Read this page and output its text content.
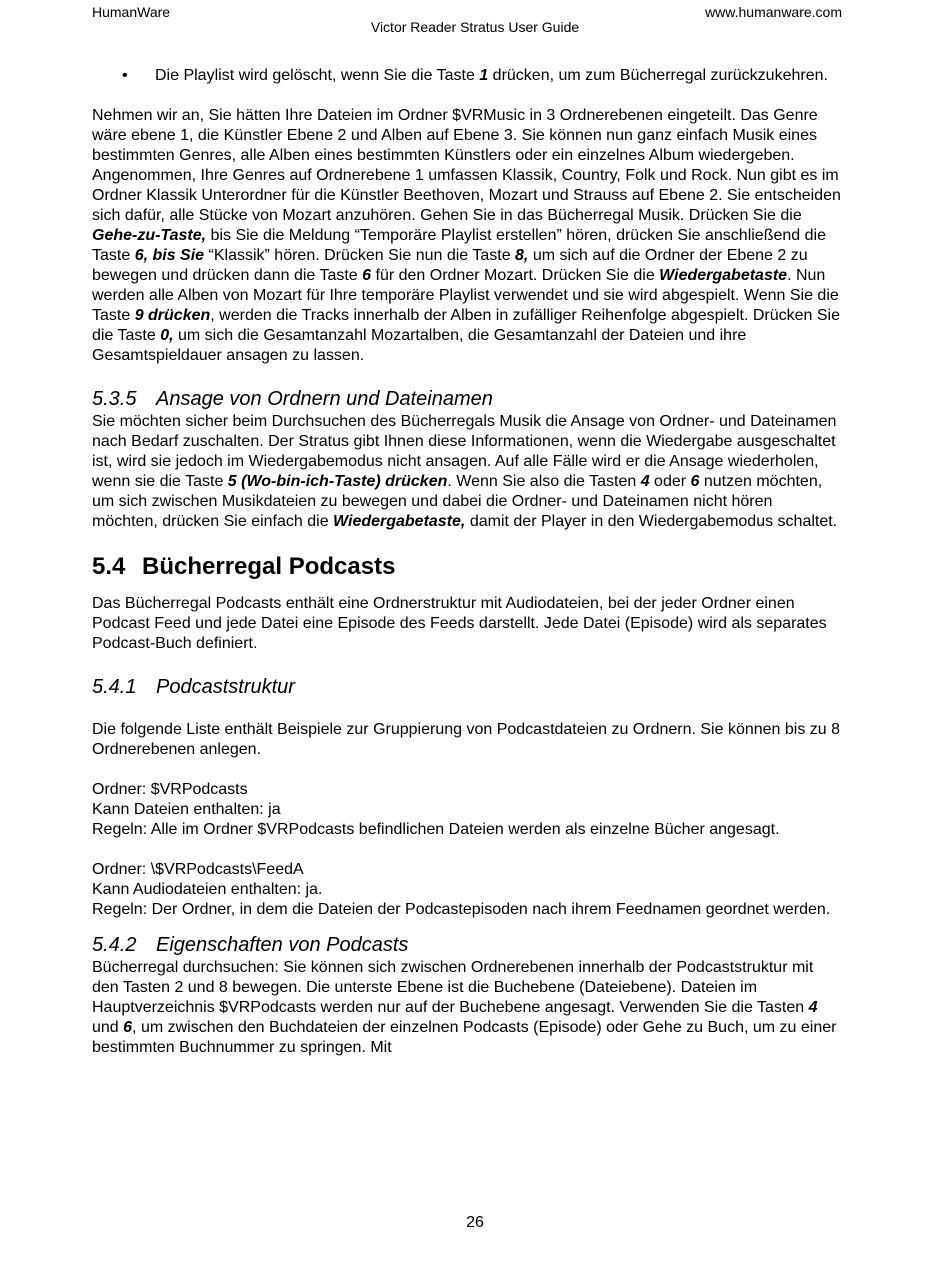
HumanWare	www.humanware.com
Victor Reader Stratus User Guide
• Die Playlist wird gelöscht, wenn Sie die Taste 1 drücken, um zum Bücherregal zurückzukehren.

Nehmen wir an, Sie hätten Ihre Dateien im Ordner $VRMusic in 3 Ordnerebenen eingeteilt. Das Genre wäre ebene 1, die Künstler Ebene 2 und Alben auf Ebene 3. Sie können nun ganz einfach Musik eines bestimmten Genres, alle Alben eines bestimmten Künstlers oder ein einzelnes Album wiedergeben. Angenommen, Ihre Genres auf Ordnerebene 1 umfassen Klassik, Country, Folk und Rock. Nun gibt es im Ordner Klassik Unterordner für die Künstler Beethoven, Mozart und Strauss auf Ebene 2. Sie entscheiden sich dafür, alle Stücke von Mozart anzuhören. Gehen Sie in das Bücherregal Musik. Drücken Sie die Gehe-zu-Taste, bis Sie die Meldung “Temporäre Playlist erstellen” hören, drücken Sie anschließend die Taste 6, bis Sie “Klassik” hören. Drücken Sie nun die Taste 8, um sich auf die Ordner der Ebene 2 zu bewegen und drücken dann die Taste 6 für den Ordner Mozart. Drücken Sie die Wiedergabetaste. Nun werden alle Alben von Mozart für Ihre temporäre Playlist verwendet und sie wird abgespielt. Wenn Sie die Taste 9 drücken, werden die Tracks innerhalb der Alben in zufälliger Reihenfolge abgespielt. Drücken Sie die Taste 0, um sich die Gesamtanzahl Mozartalben, die Gesamtanzahl der Dateien und ihre Gesamtspieldauer ansagen zu lassen.

5.3.5 Ansage von Ordnern und Dateinamen

Sie möchten sicher beim Durchsuchen des Bücherregals Musik die Ansage von Ordner- und Dateinamen nach Bedarf zuschalten. Der Stratus gibt Ihnen diese Informationen, wenn die Wiedergabe ausgeschaltet ist, wird sie jedoch im Wiedergabemodus nicht ansagen. Auf alle Fälle wird er die Ansage wiederholen, wenn sie die Taste 5 (Wo-bin-ich-Taste) drücken. Wenn Sie also die Tasten 4 oder 6 nutzen möchten, um sich zwischen Musikdateien zu bewegen und dabei die Ordner- und Dateinamen nicht hören möchten, drücken Sie einfach die Wiedergabetaste, damit der Player in den Wiedergabemodus schaltet.

5.4 Bücherregal Podcasts

Das Bücherregal Podcasts enthält eine Ordnerstruktur mit Audiodateien, bei der jeder Ordner einen Podcast Feed und jede Datei eine Episode des Feeds darstellt. Jede Datei (Episode) wird als separates Podcast-Buch definiert.

5.4.1 Podcaststruktur

Die folgende Liste enthält Beispiele zur Gruppierung von Podcastdateien zu Ordnern. Sie können bis zu 8 Ordnerebenen anlegen.

Ordner: $VRPodcasts

Kann Dateien enthalten: ja

Regeln: Alle im Ordner $VRPodcasts befindlichen Dateien werden als einzelne Bücher angesagt.

Ordner: \$VRPodcasts\FeedA

Kann Audiodateien enthalten: ja.

Regeln: Der Ordner, in dem die Dateien der Podcastepisoden nach ihrem Feednamen geordnet werden.

5.4.2 Eigenschaften von Podcasts

Bücherregal durchsuchen: Sie können sich zwischen Ordnerebenen innerhalb der Podcaststruktur mit den Tasten 2 und 8 bewegen. Die unterste Ebene ist die Buchebene (Dateiebene). Dateien im Hauptverzeichnis $VRPodcasts werden nur auf der Buchebene angesagt. Verwenden Sie die Tasten 4 und 6, um zwischen den Buchdateien der einzelnen Podcasts (Episode) oder Gehe zu Buch, um zu einer bestimmten Buchnummer zu springen. Mit

26
